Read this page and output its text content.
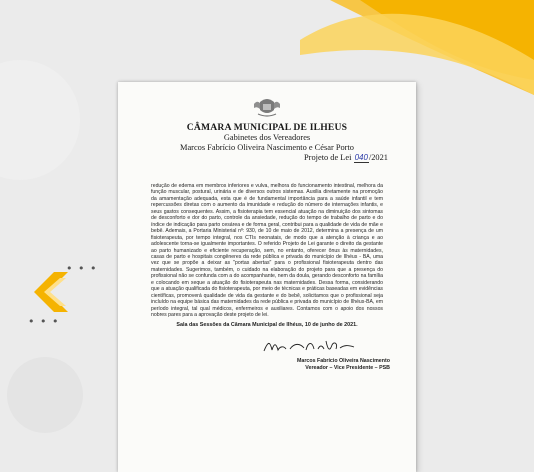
• • •
• • •
CÂMARA MUNICIPAL DE ILHEUS
Gabinetes dos Vereadores
Marcos Fabrício Oliveira Nascimento e César Porto
Projeto de Lei 040/2021
redução de edema em membros inferiores e vulva, melhora do funcionamento intestinal, melhora da função muscular, postural, urinária e de diversos outros sistemas. Auxilia diretamente na promoção da amamentação adequada, esta que é de fundamental importância para a saúde infantil e tem repercussões diretas com o aumento da imunidade e redução do número de internações infantis, e seus gastos consequentes. Assim, a fisioterapia tem essencial atuação na diminuição dos sintomas de desconforto e dor do parto, controle da ansiedade, redução do tempo de trabalho de parto e do índice de indicação para parto cesárea e de forma geral, contribui para a qualidade de vida de mãe e bebê. Ademais, a Portaria Ministerial nº: 930, de 10 de maio de 2012, determina a presença de um fisioterapeuta, por tempo integral, nos CTIs neonatais, de modo que a atenção à criança e ao adolescente torna-se igualmente importantes. O referido Projeto de Lei garante o direito da gestante ao parto humanizado e eficiente recuperação, sem, no entanto, oferecer ônus às maternidades, casas de parto e hospitais congêneres da rede pública e privada do município de Ilhéus - BA, uma vez que se propõe a deixar as "portas abertas" para o profissional fisioterapeuta dentro das maternidades. Sugerimos, também, o cuidado na elaboração do projeto para que a presença do profissional não se confunda com a do acompanhante, nem da doula, gerando desconforto na família e colocando em xeque a atuação do fisioterapeuta nas maternidades. Dessa forma, considerando que a atuação qualificada do fisioterapeuta, por meio de técnicas e práticas baseadas em evidências científicas, promoverá qualidade de vida da gestante e do bebê, solicitamos que o profissional seja incluído na equipe básica das maternidades da rede pública e privada do município de Ilhéus-BA, em período integral, tal qual médicos, enfermeiros e auxiliares. Contamos com o apoio dos nossos nobres pares para a aprovação deste projeto de lei.
Sala das Sessões da Câmara Municipal de Ilhéus, 10 de junho de 2021.
Marcos Fabrício Oliveira Nascimento
Vereador – Vice Presidente – PSB
